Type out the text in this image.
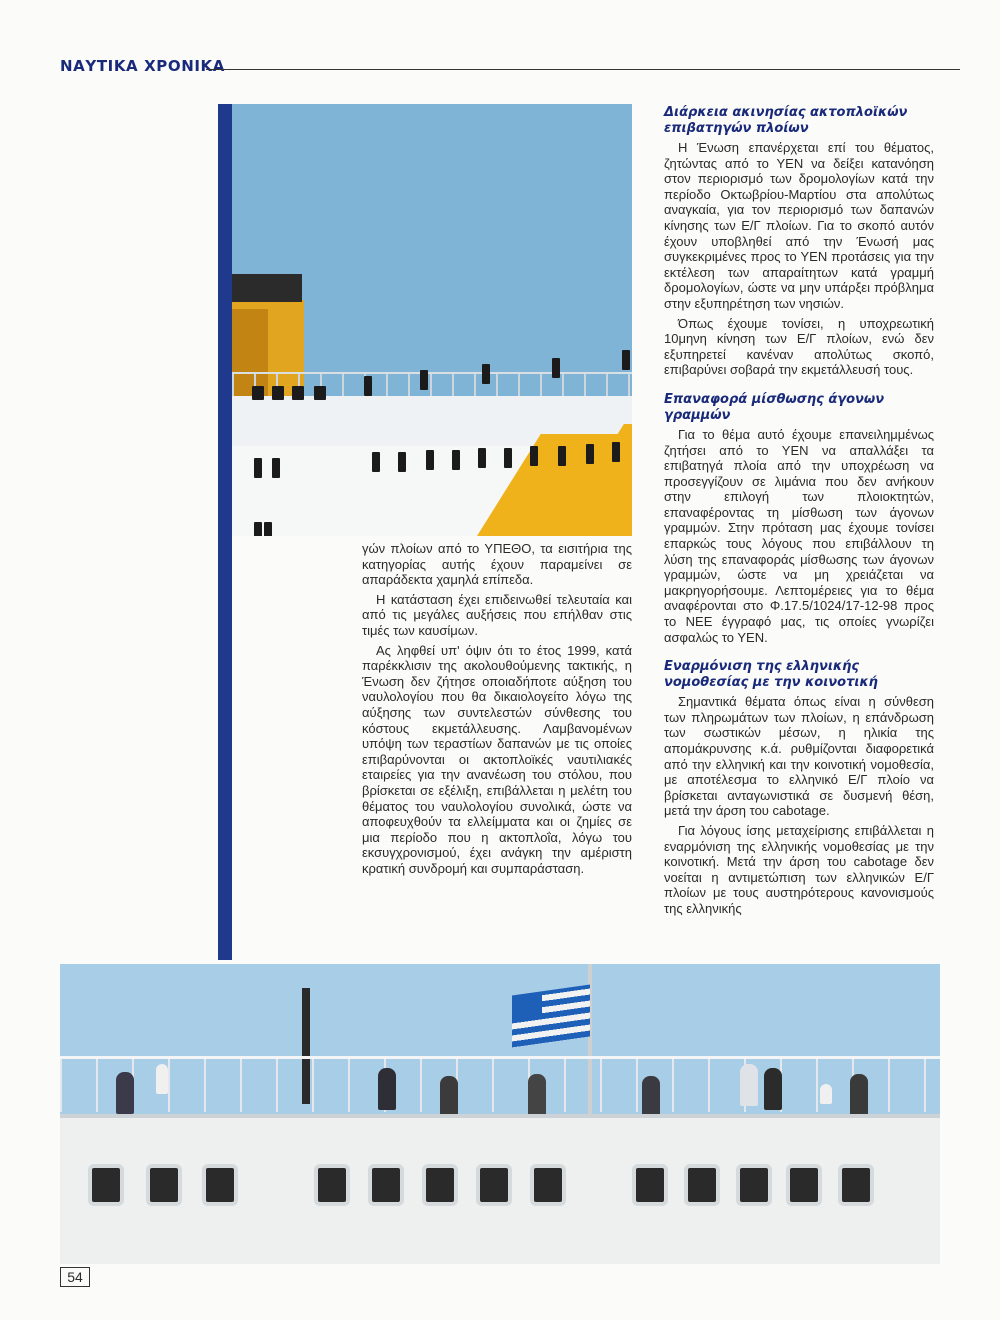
ΝΑΥΤΙΚΑ ΧΡΟΝΙΚΑ

γών πλοίων από το ΥΠΕΘΟ, τα εισιτήρια της κατηγορίας αυτής έχουν παραμείνει σε απαράδεκτα χαμηλά επίπεδα.

Η κατάσταση έχει επιδεινωθεί τελευταία και από τις μεγάλες αυξήσεις που επήλθαν στις τιμές των καυσίμων.

Ας ληφθεί υπ' όψιν ότι το έτος 1999, κατά παρέκκλισιν της ακολουθούμενης τακτικής, η Ένωση δεν ζήτησε οποιαδήποτε αύξηση του ναυλολογίου που θα δικαιολογείτο λόγω της αύξησης των συντελεστών σύνθεσης του κόστους εκμετάλλευσης. Λαμβανομένων υπόψη των τεραστίων δαπανών με τις οποίες επιβαρύνονται οι ακτοπλοϊκές ναυτιλιακές εταιρείες για την ανανέωση του στόλου, που βρίσκεται σε εξέλιξη, επιβάλλεται η μελέτη του θέματος του ναυλολογίου συνολικά, ώστε να αποφευχθούν τα ελλείμματα και οι ζημίες σε μια περίοδο που η ακτοπλοΐα, λόγω του εκσυγχρονισμού, έχει ανάγκη την αμέριστη κρατική συνδρομή και συμπαράσταση.

Διάρκεια ακινησίας ακτοπλοϊκών επιβατηγών πλοίων

Η Ένωση επανέρχεται επί του θέματος, ζητώντας από το ΥΕΝ να δείξει κατανόηση στον περιορισμό των δρομολογίων κατά την περίοδο Οκτωβρίου-Μαρτίου στα απολύτως αναγκαία, για τον περιορισμό των δαπανών κίνησης των Ε/Γ πλοίων. Για το σκοπό αυτόν έχουν υποβληθεί από την Ένωσή μας συγκεκριμένες προς το ΥΕΝ προτάσεις για την εκτέλεση των απαραίτητων κατά γραμμή δρομολογίων, ώστε να μην υπάρξει πρόβλημα στην εξυπηρέτηση των νησιών.

Όπως έχουμε τονίσει, η υποχρεωτική 10μηνη κίνηση των Ε/Γ πλοίων, ενώ δεν εξυπηρετεί κανέναν απολύτως σκοπό, επιβαρύνει σοβαρά την εκμετάλλευσή τους.

Επαναφορά μίσθωσης άγονων γραμμών

Για το θέμα αυτό έχουμε επανειλημμένως ζητήσει από το ΥΕΝ να απαλλάξει τα επιβατηγά πλοία από την υποχρέωση να προσεγγίζουν σε λιμάνια που δεν ανήκουν στην επιλογή των πλοιοκτητών, επαναφέροντας τη μίσθωση των άγονων γραμμών. Στην πρόταση μας έχουμε τονίσει επαρκώς τους λόγους που επιβάλλουν τη λύση της επαναφοράς μίσθωσης των άγονων γραμμών, ώστε να μη χρειάζεται να μακρηγορήσουμε. Λεπτομέρειες για το θέμα αναφέρονται στο Φ.17.5/1024/17-12-98 προς το ΝΕΕ έγγραφό μας, τις οποίες γνωρίζει ασφαλώς το ΥΕΝ.

Εναρμόνιση της ελληνικής νομοθεσίας με την κοινοτική

Σημαντικά θέματα όπως είναι η σύνθεση των πληρωμάτων των πλοίων, η επάνδρωση των σωστικών μέσων, η ηλικία της απομάκρυνσης κ.ά. ρυθμίζονται διαφορετικά από την ελληνική και την κοινοτική νομοθεσία, με αποτέλεσμα το ελληνικό Ε/Γ πλοίο να βρίσκεται ανταγωνιστικά σε δυσμενή θέση, μετά την άρση του cabotage.

Για λόγους ίσης μεταχείρισης επιβάλλεται η εναρμόνιση της ελληνικής νομοθεσίας με την κοινοτική. Μετά την άρση του cabotage δεν νοείται η αντιμετώπιση των ελληνικών Ε/Γ πλοίων με τους αυστηρότερους κανονισμούς της ελληνικής

54
